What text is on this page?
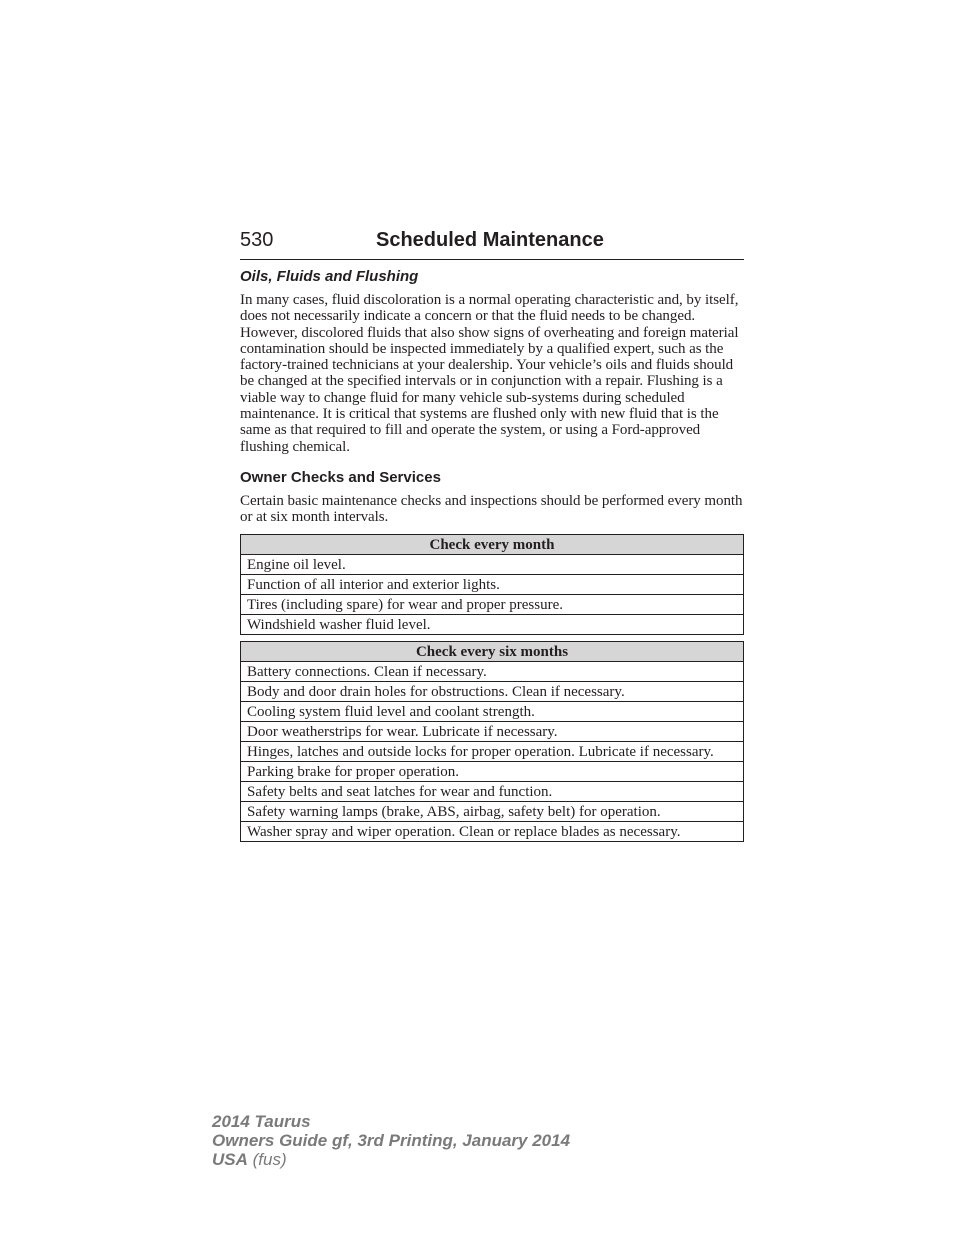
530	Scheduled Maintenance
Oils, Fluids and Flushing
In many cases, fluid discoloration is a normal operating characteristic and, by itself, does not necessarily indicate a concern or that the fluid needs to be changed. However, discolored fluids that also show signs of overheating and foreign material contamination should be inspected immediately by a qualified expert, such as the factory-trained technicians at your dealership. Your vehicle’s oils and fluids should be changed at the specified intervals or in conjunction with a repair. Flushing is a viable way to change fluid for many vehicle sub-systems during scheduled maintenance. It is critical that systems are flushed only with new fluid that is the same as that required to fill and operate the system, or using a Ford-approved flushing chemical.
Owner Checks and Services
Certain basic maintenance checks and inspections should be performed every month or at six month intervals.
Check every month
Engine oil level.
Function of all interior and exterior lights.
Tires (including spare) for wear and proper pressure.
Windshield washer fluid level.
Check every six months
Battery connections. Clean if necessary.
Body and door drain holes for obstructions. Clean if necessary.
Cooling system fluid level and coolant strength.
Door weatherstrips for wear. Lubricate if necessary.
Hinges, latches and outside locks for proper operation. Lubricate if necessary.
Parking brake for proper operation.
Safety belts and seat latches for wear and function.
Safety warning lamps (brake, ABS, airbag, safety belt) for operation.
Washer spray and wiper operation. Clean or replace blades as necessary.
2014 Taurus
Owners Guide gf, 3rd Printing, January 2014
USA (fus)
